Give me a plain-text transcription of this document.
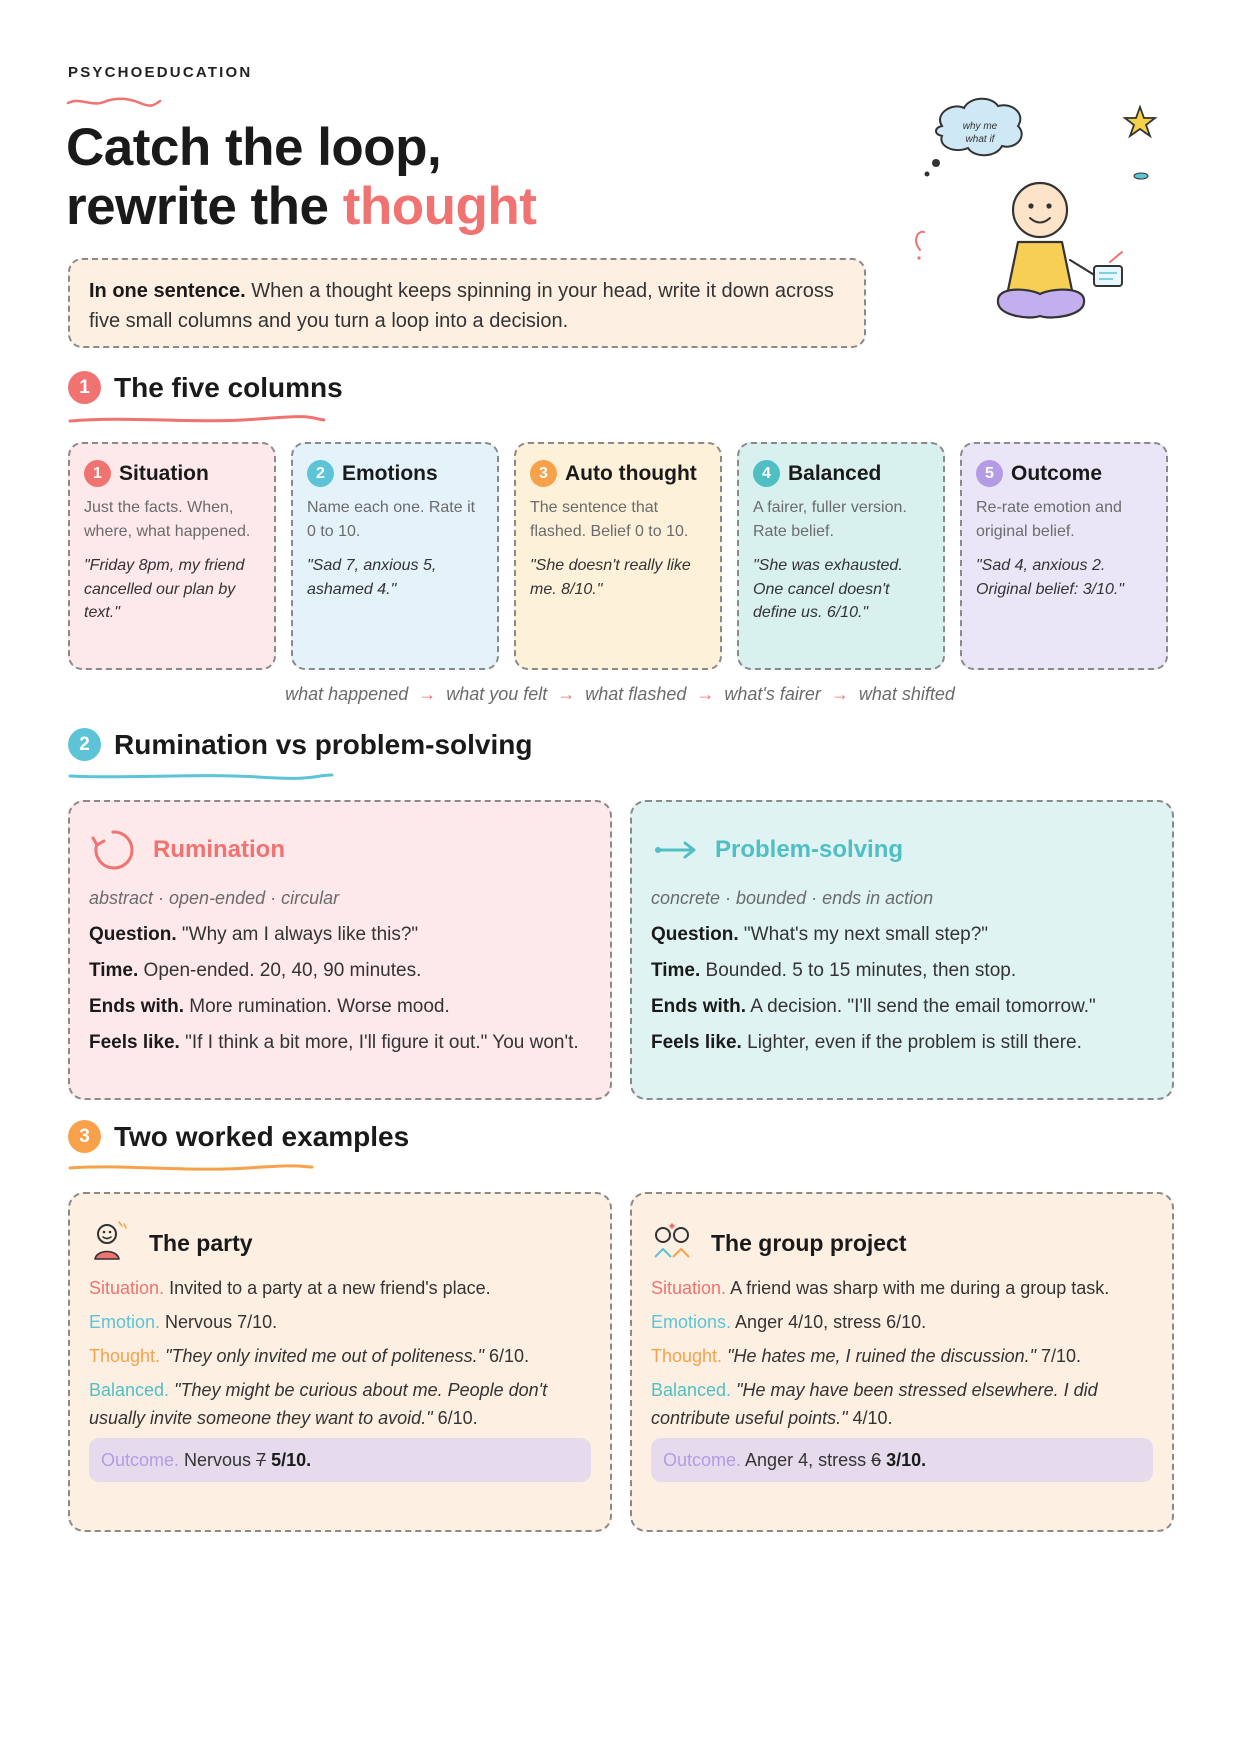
PSYCHOEDUCATION
Catch the loop,
rewrite the thought
In one sentence. When a thought keeps spinning in your head, write it down across five small columns and you turn a loop into a decision.
why me
what if
1 The five columns
1 Situation
Just the facts. When, where, what happened.
"Friday 8pm, my friend cancelled our plan by text."
2 Emotions
Name each one. Rate it 0 to 10.
"Sad 7, anxious 5, ashamed 4."
3 Auto thought
The sentence that flashed. Belief 0 to 10.
"She doesn't really like me. 8/10."
4 Balanced
A fairer, fuller version. Rate belief.
"She was exhausted. One cancel doesn't define us. 6/10."
5 Outcome
Re-rate emotion and original belief.
"Sad 4, anxious 2. Original belief: 3/10."
what happened → what you felt → what flashed → what's fairer → what shifted
2 Rumination vs problem-solving
Rumination
abstract · open-ended · circular
Question. "Why am I always like this?"
Time. Open-ended. 20, 40, 90 minutes.
Ends with. More rumination. Worse mood.
Feels like. "If I think a bit more, I'll figure it out." You won't.
Problem-solving
concrete · bounded · ends in action
Question. "What's my next small step?"
Time. Bounded. 5 to 15 minutes, then stop.
Ends with. A decision. "I'll send the email tomorrow."
Feels like. Lighter, even if the problem is still there.
3 Two worked examples
The party
Situation. Invited to a party at a new friend's place.
Emotion. Nervous 7/10.
Thought. "They only invited me out of politeness." 6/10.
Balanced. "They might be curious about me. People don't usually invite someone they want to avoid." 6/10.
Outcome. Nervous 7 5/10.
The group project
Situation. A friend was sharp with me during a group task.
Emotions. Anger 4/10, stress 6/10.
Thought. "He hates me, I ruined the discussion." 7/10.
Balanced. "He may have been stressed elsewhere. I did contribute useful points." 4/10.
Outcome. Anger 4, stress 6 3/10.
